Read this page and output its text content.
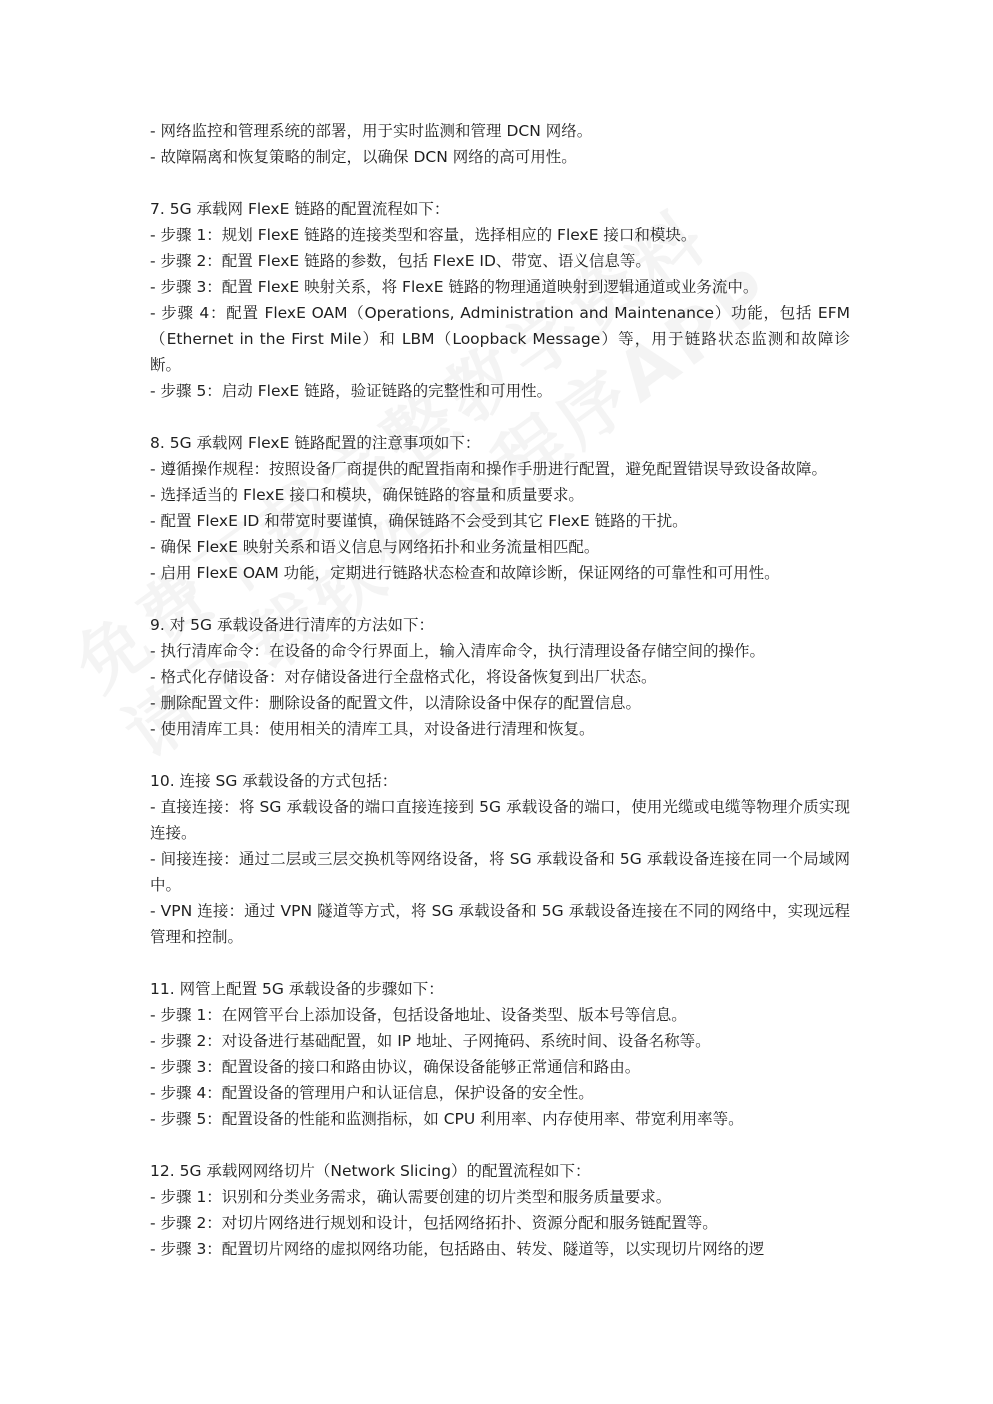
- 网络监控和管理系统的部署，用于实时监测和管理 DCN 网络。
- 故障隔离和恢复策略的制定，以确保 DCN 网络的高可用性。
7. 5G 承载网 FlexE 链路的配置流程如下：
- 步骤 1：规划 FlexE 链路的连接类型和容量，选择相应的 FlexE 接口和模块。
- 步骤 2：配置 FlexE 链路的参数，包括 FlexE ID、带宽、语义信息等。
- 步骤 3：配置 FlexE 映射关系，将 FlexE 链路的物理通道映射到逻辑通道或业务流中。
- 步骤 4：配置 FlexE OAM（Operations, Administration and Maintenance）功能，包括 EFM（Ethernet in the First Mile）和 LBM（Loopback Message）等，用于链路状态监测和故障诊断。
- 步骤 5：启动 FlexE 链路，验证链路的完整性和可用性。
8. 5G 承载网 FlexE 链路配置的注意事项如下：
- 遵循操作规程：按照设备厂商提供的配置指南和操作手册进行配置，避免配置错误导致设备故障。
- 选择适当的 FlexE 接口和模块，确保链路的容量和质量要求。
- 配置 FlexE ID 和带宽时要谨慎，确保链路不会受到其它 FlexE 链路的干扰。
- 确保 FlexE 映射关系和语义信息与网络拓扑和业务流量相匹配。
- 启用 FlexE OAM 功能，定期进行链路状态检查和故障诊断，保证网络的可靠性和可用性。
9. 对 5G 承载设备进行清库的方法如下：
- 执行清库命令：在设备的命令行界面上，输入清库命令，执行清理设备存储空间的操作。
- 格式化存储设备：对存储设备进行全盘格式化，将设备恢复到出厂状态。
- 删除配置文件：删除设备的配置文件，以清除设备中保存的配置信息。
- 使用清库工具：使用相关的清库工具，对设备进行清理和恢复。
10. 连接 SG 承载设备的方式包括：
- 直接连接：将 SG 承载设备的端口直接连接到 5G 承载设备的端口，使用光缆或电缆等物理介质实现连接。
- 间接连接：通过二层或三层交换机等网络设备，将 SG 承载设备和 5G 承载设备连接在同一个局域网中。
- VPN 连接：通过 VPN 隧道等方式，将 SG 承载设备和 5G 承载设备连接在不同的网络中，实现远程管理和控制。
11. 网管上配置 5G 承载设备的步骤如下：
- 步骤 1：在网管平台上添加设备，包括设备地址、设备类型、版本号等信息。
- 步骤 2：对设备进行基础配置，如 IP 地址、子网掩码、系统时间、设备名称等。
- 步骤 3：配置设备的接口和路由协议，确保设备能够正常通信和路由。
- 步骤 4：配置设备的管理用户和认证信息，保护设备的安全性。
- 步骤 5：配置设备的性能和监测指标，如 CPU 利用率、内存使用率、带宽利用率等。
12. 5G 承载网网络切片（Network Slicing）的配置流程如下：
- 步骤 1：识别和分类业务需求，确认需要创建的切片类型和服务质量要求。
- 步骤 2：对切片网络进行规划和设计，包括网络拓扑、资源分配和服务链配置等。
- 步骤 3：配置切片网络的虚拟网络功能，包括路由、转发、隧道等，以实现切片网络的逻
